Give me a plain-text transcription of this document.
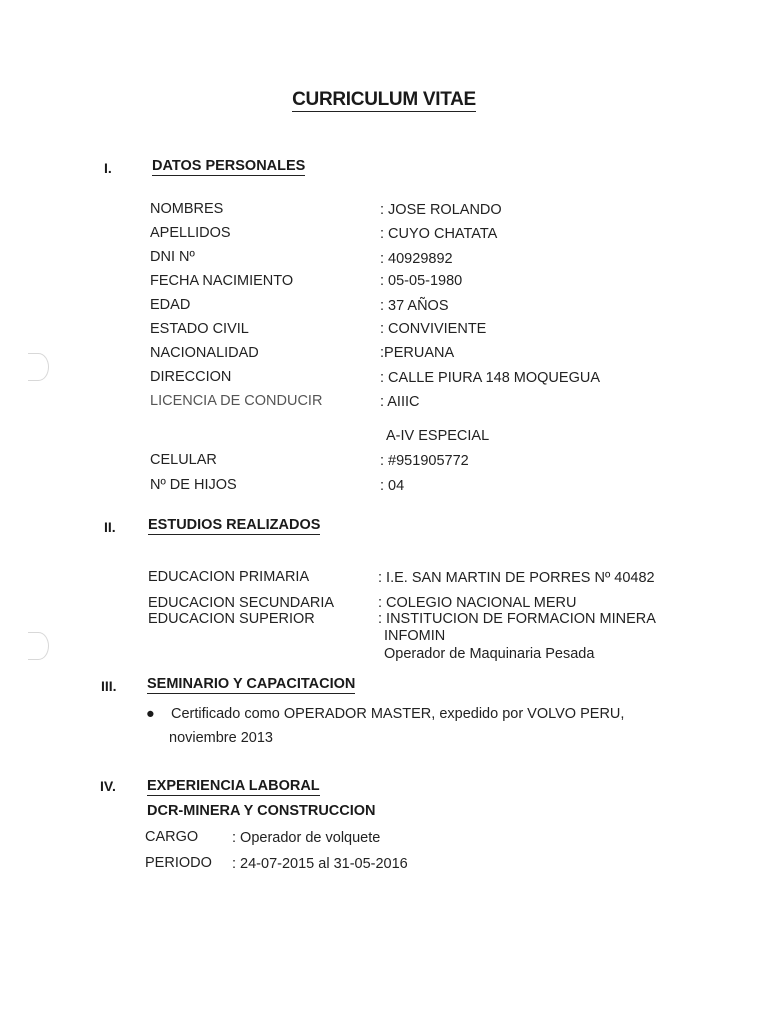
CURRICULUM VITAE
I.	DATOS PERSONALES
NOMBRES	: JOSE ROLANDO
APELLIDOS	: CUYO CHATATA
DNI Nº	: 40929892
FECHA NACIMIENTO	: 05-05-1980
EDAD	: 37 AÑOS
ESTADO CIVIL	: CONVIVIENTE
NACIONALIDAD	:PERUANA
DIRECCION	: CALLE PIURA 148 MOQUEGUA
LICENCIA DE CONDUCIR	: AIIIC
A-IV ESPECIAL
CELULAR	: #951905772
Nº DE HIJOS	: 04
II. ESTUDIOS REALIZADOS
EDUCACION PRIMARIA	: I.E. SAN MARTIN DE PORRES Nº 40482
EDUCACION SECUNDARIA	: COLEGIO NACIONAL MERU
EDUCACION SUPERIOR	: INSTITUCION DE FORMACION MINERA
INFOMIN
Operador de Maquinaria Pesada
III. SEMINARIO Y CAPACITACION
● Certificado como OPERADOR MASTER, expedido por VOLVO PERU,
noviembre 2013
IV. EXPERIENCIA LABORAL
DCR-MINERA Y CONSTRUCCION
CARGO : Operador de volquete
PERIODO : 24-07-2015 al 31-05-2016
